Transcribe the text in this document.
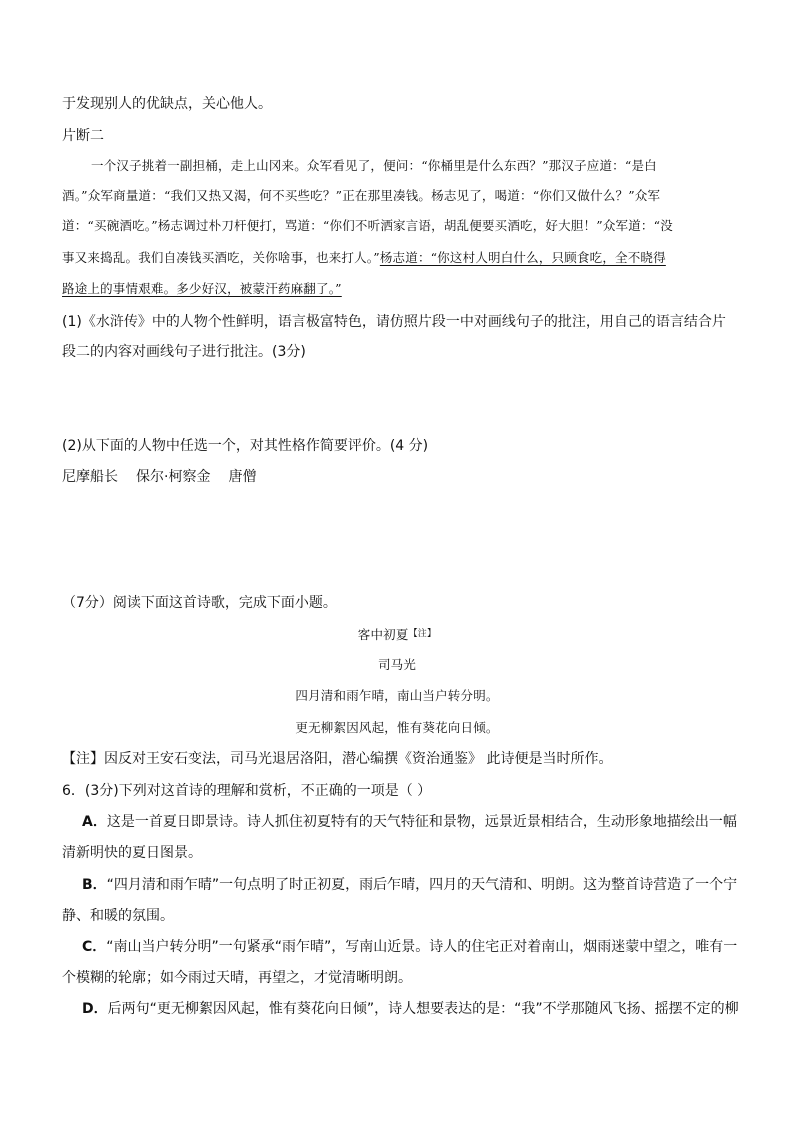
于发现别人的优缺点，关心他人。
片断二
一个汉子挑着一副担桶，走上山冈来。众军看见了，便问：“你桶里是什么东西？”那汉子应道：“是白
酒。”众军商量道：“我们又热又渴，何不买些吃？”正在那里凑钱。杨志见了，喝道：“你们又做什么？”众军
道：“买碗酒吃。”杨志调过朴刀杆便打，骂道：“你们不听洒家言语，胡乱便要买酒吃，好大胆！”众军道：“没
事又来捣乱。我们自凑钱买酒吃，关你啥事，也来打人。”杨志道：“你这村人明白什么，只顾食吃，全不晓得
路途上的事情艰难。多少好汉，被蒙汗药麻翻了。”
(1)《水浒传》中的人物个性鲜明，语言极富特色，请仿照片段一中对画线句子的批注，用自己的语言结合片
段二的内容对画线句子进行批注。(3分)
(2)从下面的人物中任选一个，对其性格作简要评价。(4 分)
尼摩船长 保尔·柯察金 唐僧
（7分）阅读下面这首诗歌，完成下面小题。
客中初夏$^{【注】}$
司马光
四月清和雨乍晴，南山当户转分明。
更无柳絮因风起，惟有葵花向日倾。
【注】因反对王安石变法，司马光退居洛阳，潜心编撰《资治通鉴》 此诗便是当时所作。
6．(3分)下列对这首诗的理解和赏析，不正确的一项是（ ）
A．这是一首夏日即景诗。诗人抓住初夏特有的天气特征和景物，远景近景相结合，生动形象地描绘出一幅
清新明快的夏日图景。
B．“四月清和雨乍晴”一句点明了时正初夏，雨后乍晴，四月的天气清和、明朗。这为整首诗营造了一个宁
静、和暖的氛围。
C．“南山当户转分明”一句紧承“雨乍晴”，写南山近景。诗人的住宅正对着南山，烟雨迷蒙中望之，唯有一
个模糊的轮廓；如今雨过天晴，再望之，才觉清晰明朗。
D．后两句“更无柳絮因风起，惟有葵花向日倾”，诗人想要表达的是：“我”不学那随风飞扬、摇摆不定的柳
